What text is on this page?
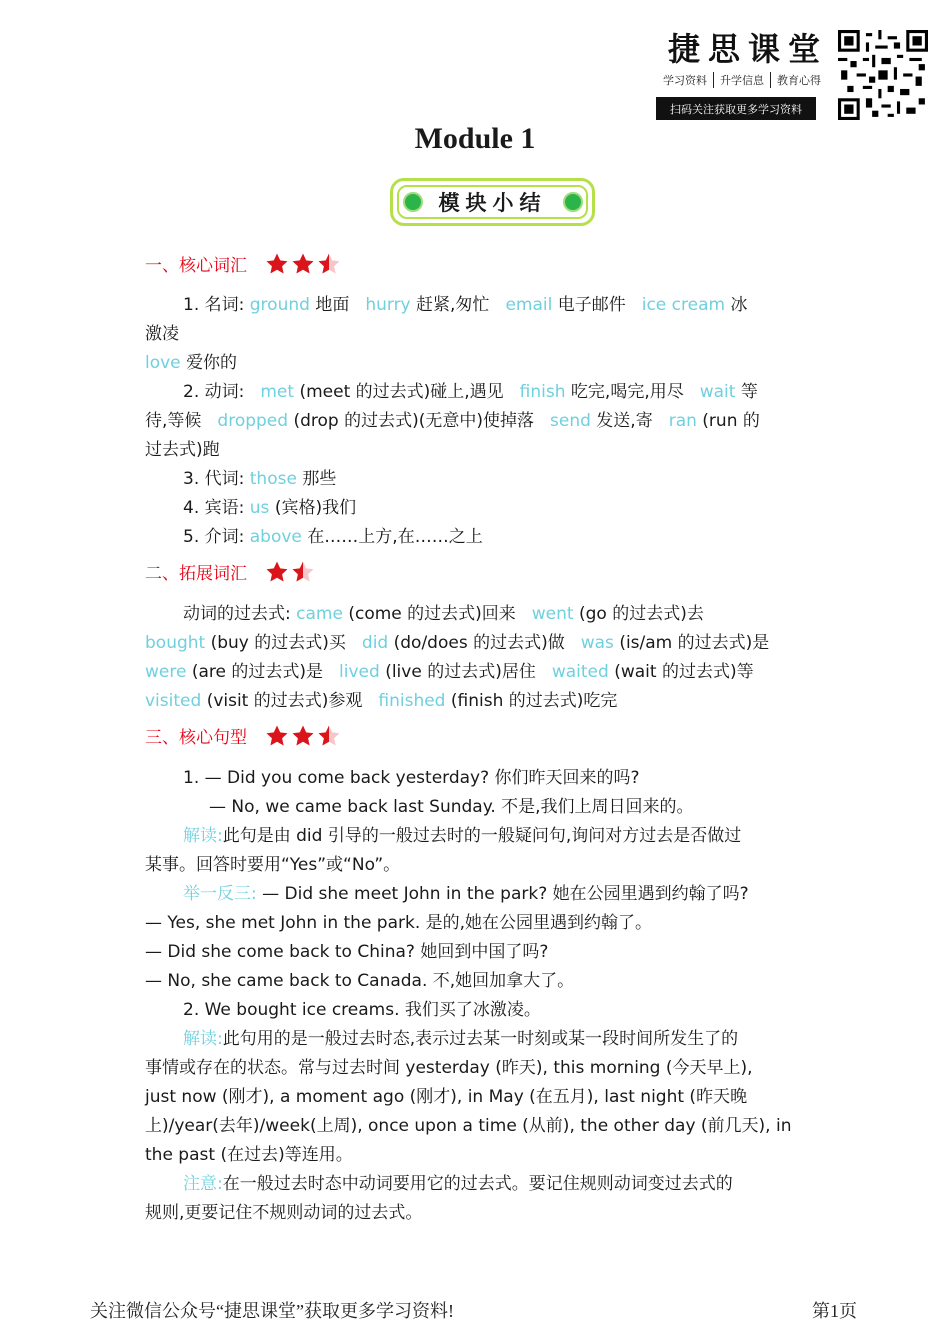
捷思课堂
学习资料	升学信息	教育心得
扫码关注获取更多学习资料
Module 1
模块小结
一、核心词汇
1. 名词: ground 地面 hurry 赶紧,匆忙 email 电子邮件 ice cream 冰
激凌
love 爱你的
2. 动词: met (meet 的过去式)碰上,遇见 finish 吃完,喝完,用尽 wait 等
待,等候 dropped (drop 的过去式)(无意中)使掉落 send 发送,寄 ran (run 的
过去式)跑
3. 代词: those 那些
4. 宾语: us (宾格)我们
5. 介词: above 在……上方,在……之上
二、拓展词汇
动词的过去式: came (come 的过去式)回来 went (go 的过去式)去
bought (buy 的过去式)买 did (do/does 的过去式)做 was (is/am 的过去式)是
were (are 的过去式)是 lived (live 的过去式)居住 waited (wait 的过去式)等
visited (visit 的过去式)参观 finished (finish 的过去式)吃完
三、核心句型
1. — Did you come back yesterday? 你们昨天回来的吗?
— No, we came back last Sunday. 不是,我们上周日回来的。
解读:此句是由 did 引导的一般过去时的一般疑问句,询问对方过去是否做过
某事。回答时要用“Yes”或“No”。
举一反三: — Did she meet John in the park? 她在公园里遇到约翰了吗?
— Yes, she met John in the park. 是的,她在公园里遇到约翰了。
— Did she come back to China? 她回到中国了吗?
— No, she came back to Canada. 不,她回加拿大了。
2. We bought ice creams. 我们买了冰激凌。
解读:此句用的是一般过去时态,表示过去某一时刻或某一段时间所发生了的
事情或存在的状态。常与过去时间 yesterday (昨天), this morning (今天早上),
just now (刚才), a moment ago (刚才), in May (在五月), last night (昨天晚
上)/year(去年)/week(上周), once upon a time (从前), the other day (前几天), in
the past (在过去)等连用。
注意:在一般过去时态中动词要用它的过去式。要记住规则动词变过去式的
规则,更要记住不规则动词的过去式。
关注微信公众号“捷思课堂”获取更多学习资料!	第1页
